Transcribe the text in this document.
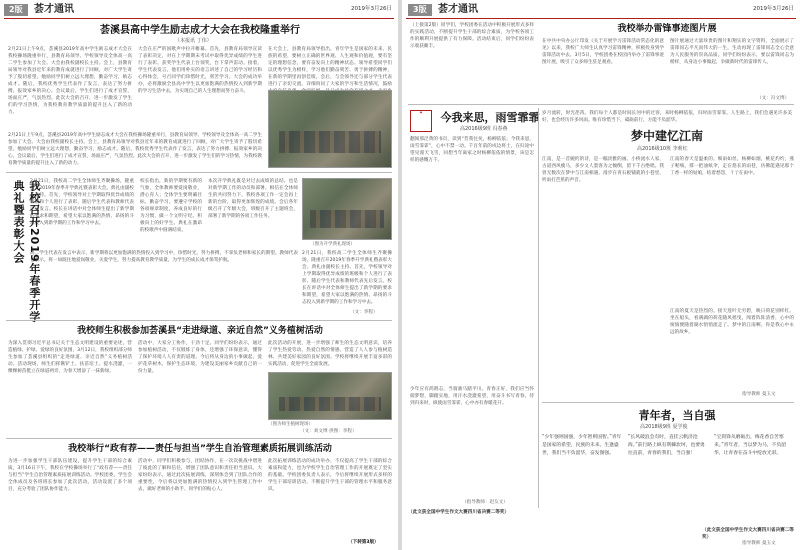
2版	荟才通讯	2019年3月26日
荟溪县高中学生励志成才大会在我校隆重举行
（本报讯 丁伟）
2月21日上午9点，荟溪县2019年高中学生励志成才大会在我校操场隆重举行，县教育局领导、学校领导及全体高一高二学生参加了大会。大会由我校副校长主持。会上，县教育局领导对我县近年来的教育成就进行了回顾，对广大学生寄予了殷切希望，勉励同学们树立远大理想，勤奋学习，励志成才。随后，我校优秀学生代表作了发言，表达了努力拼搏、报效家乡的决心。会议最后，学生们进行了成才宣誓，场面庄严，气氛热烈。此次大会的召开，进一步激发了学生们的学习热情，为我校教育教学质量的提升注入了新的动力。
大会在庄严的国歌声中拉开帷幕。首先，县教育局领导宣读了表彰决定，对在上学期期末考试中取得优异成绩的学生进行了表彰。获奖学生代表上台领奖，台下掌声雷动。接着，学生代表发言，他们用朴实的语言讲述了自己的学习经历和心得体会，号召同学们珍惜时光，刻苦学习。大会的成功举办，必将激励全县高中学生以更加饱满的热情投入到新学期的学习生活中去，为实现自己的人生理想而努力奋斗。
在大会上，县教育局领导指出，青年学生是国家的未来、民族的希望，要树立正确的世界观、人生观和价值观，要有坚定的理想信念，要有奋发向上的精神状态。领导希望同学们以优秀学生为榜样，学习他们勤奋刻苦、勇于拼搏的精神，在新的学期里再创佳绩。会后，与会领导还与部分学生代表进行了亲切交流，详细询问了大家的学习和生活情况，鼓励
2月21日上午9点，荟溪县2019年高中学生励志成才大会在我校操场隆重举行，县教育局领导、学校领导及全体高一高二学生参加了大会。大会由我校副校长主持。会上，县教育局领导对我县近年来的教育成就进行了回顾，对广大学生寄予了殷切希望，勉励同学们树立远大理想，勤奋学习，励志成才。随后，我校优秀学生代表作了发言，表达了努力拼搏、报效家乡的决心。会议最后，学生们进行了成才宣誓，场面庄严，气氛热烈。此次大会的召开，进一步激发了学生们的学习热情，为我校教育教学质量的提升注入了新的动力。
我校召开2019年春季开学典礼暨表彰大会	2月21日，我校高二学生全体师生齐聚操场，隆重召开2019年春季开学典礼暨表彰大会。典礼由副校长主持。首先，学校领导对上学期取得优异成绩的班级和个人进行了表彰，随后学生代表和教师代表先后发言。校长在讲话中对全体师生提出了新学期的要求和期望，希望大家以饱满的热情、昂扬的斗志投入到新学期的工作和学习中去。
校长指出，新的学期要有新的气象，全体教师要爱岗敬业，潜心育人；全体学生要明确目标，勤奋学习。要遵守学校的各项规章制度，养成良好的行为习惯，做一个文明守纪、积极向上的好学生。典礼在激昂的校歌声中圆满结束。
本次开学典礼既是对过去成绩的总结，也是对新学期工作的动员和部署。相信在全体师生的共同努力下，我校各项工作一定会再上新的台阶，取得更加辉煌的成绩。会后各年级召开了年级大会，班级召开了主题班会，部署了新学期的各项工作任务。
（图为开学典礼现场）
高二学生代表在发言中表示，新学期将以更加饱满的热情投入到学习中，珍惜时光，努力拼搏，不辜负老师和家长的期望。教师代表也表示，将一如既往地爱岗敬业，关爱学生，努力提高教育教学质量，为学生的成长成才保驾护航。
2月21日，我校高二学生全体师生齐聚操场，隆重召开2019年春季开学典礼暨表彰大会。典礼由副校长主持。首先，学校领导对上学期取得优异成绩的班级和个人进行了表彰，随后学生代表和教师代表先后发言。校长在讲话中对全体师生提出了新学期的要求和期望，希望大家以饱满的热情、昂扬的斗志投入到新学期的工作和学习中去。
（文：李程）
我校师生积极参加荟溪县“走进绿道、亲近自然”义务植树活动
为深入贯彻习近平总书记关于生态文明建设的重要论述，营造植绿、护绿、爱绿的良好氛围，3月12日，我校组织部分师生参加了荟溪县组织的“走进绿道、亲近自然”义务植树活动。活动现场，师生们挥锹铲土、扶苗培土、提水浇灌，一棵棵树苗挺立在绿道两旁，为春天增添了一抹新绿。
活动中，大家分工协作，干劲十足。同学们纷纷表示，通过参加植树活动，不仅锻炼了身体，还增强了环保意识，懂得了保护环境人人有责的道理。今后将从身边的小事做起，爱护花草树木，保护生态环境，为建设美丽家乡贡献自己的一份力量。
此次活动的开展，进一步增强了师生的生态文明意识，培养了学生热爱劳动、热爱自然的情感，营造了人人参与植树造林、共建美好家园的良好氛围。学校将继续开展丰富多彩的实践活动，促进学生全面发展。
（图为师生植树现场）
（文：刘文博 供图：李程）
我校举行“政有荐——责任与担当”学生自治管理素质拓展训练活动
为进一步加强学生干部队伍建设，提升学生干部的综合素质，3月16日下午，我校在学校操场举行了“政有荐——责任与担当”学生自治管理素质拓展训练活动。学校团委、学生会全体成员及各班班长参加了此次活动。活动设置了多个项目，充分考验了团队协作能力。
活动中，同学们积极参与，团结协作，在一次次挑战中增进了彼此的了解和信任，增强了团队意识和责任担当意识。大家纷纷表示，通过此次拓展训练，深刻体会到了团队合作的重要性，今后将以更加饱满的热情投入到学生管理工作中去，做好老师的小助手、同学们的贴心人。
此次拓展训练活动的成功举办，不仅提高了学生干部的综合素质和能力，也为学校学生自治管理工作的开展奠定了坚实的基础。学校团委负责人表示，今后将继续开展形式多样的学生干部培训活动，不断提升学生干部的管理水平和服务意识。
（下转第3版）
3版	荟才通讯	2019年3月26日
（上接第2版）同学们，学校团委在活动中积极开展形式多样的实践活动，不断提升学生干部的综合素质，为学校各项工作的顺利开展提供了有力保障。活动结束后，同学们纷纷表示收获颇丰。
我校举办雷锋事迹图片展
在中共中央办公厅印发《关于开展学习雷锋活动常态化的意见》以来，我校广大师生认真学习雷锋精神，积极投身到学雷锋活动中去。3月5日，学校团委在校园内举办了雷锋事迹图片展，吸引了众多师生驻足观看。
图片展通过大量珍贵的图片和翔实的文字资料，全面展示了雷锋同志平凡而伟大的一生，生动再现了雷锋同志全心全意为人民服务的崇高品质。同学们纷纷表示，要以雷锋同志为榜样，从身边小事做起，争做新时代的雷锋传人。
（文：冯文博）
✦	今我来思，雨雪霏霏
高2016级9班 冯春燕
翻阅那泛黄的书页，读到“昔我往矣，杨柳依依；今我来思，雨雪霏霏”，心中不禁一动。千百年前的戍边将士，在归途中望见漫天飞雪，回想当年离家之时杨柳依依的情景，该是怎样的感慨万千。
岁月流转，时光荏苒。我们每个人都是时间长河中的过客，来时杨柳依依，归时雨雪霏霏。人生路上，我们会遇见许多美好，也会经历许多风雨。唯有珍惜当下，砥砺前行，方能不负韶华。
少年应有鸿鹄志，当骑骏马踏平川。青春正好，我们应当怀揣梦想，脚踏实地，用汗水浇灌希望，用奋斗书写青春。待到归来时，纵使雨雪霏霏，心中亦有春暖花开。
（此文获全国中学生作文大赛四川省决赛二等奖）
（指导教师：赵友文）
梦中建忆江南
高2016级10班 李莉红
江南，是一首婉约的诗，是一幅淡雅的画。小桥流水人家，古道西风瘦马，多少文人墨客为之倾倒，留下千古绝唱。我曾无数次在梦中与江南相遇，漫步在青石板铺就的小巷里，听雨打芭蕉的声音。
江南的春天是温柔的。细雨如丝，杨柳如烟，桃花灼灼，燕子呢喃。撑一把油纸伞，走在悠长的雨巷，仿佛能遇见那个丁香一样的姑娘，结着愁怨，彳亍在雨中。
江南的夏天是热烈的。接天莲叶无穷碧，映日荷花别样红。坐在船头，看满湖的荷花随风摇曳，闻着阵阵清香，心中的烦恼便随着湖水悄悄流走了。梦中的江南啊，你是我心中永远的故乡。
指导教师 曼玉文
青年者，当自强
高2018级9班 夏学俊
“少年强则国强，少年智则国智。”青年是国家的希望，民族的未来。生逢盛世，我们当不负韶华，奋发图强。
“长风破浪会有时，直挂云帆济沧海。”前行路上纵有荆棘坎坷，也要勇往直前，青春的我们，当自强！
“宝剑锋从磨砺出，梅花香自苦寒来。”青年者，当以梦为马，不负韶华，让青春在奋斗中绽放光彩。
（此文获全国中学生作文大赛四川省决赛二等奖）
指导教师 曼玉文
